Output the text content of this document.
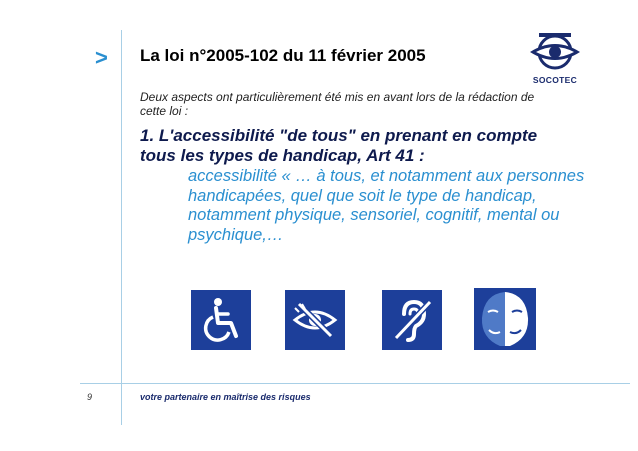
> La loi n°2005-102 du 11 février 2005
SOCOTEC
Deux aspects ont particulièrement été mis en avant lors de la rédaction de cette loi :
1. L'accessibilité "de tous" en prenant en compte tous les types de handicap, Art 41 :
accessibilité « … à tous, et notamment aux personnes handicapées, quel que soit le type de handicap, notamment physique, sensoriel, cognitif, mental ou psychique,…
9	votre partenaire en maîtrise des risques
